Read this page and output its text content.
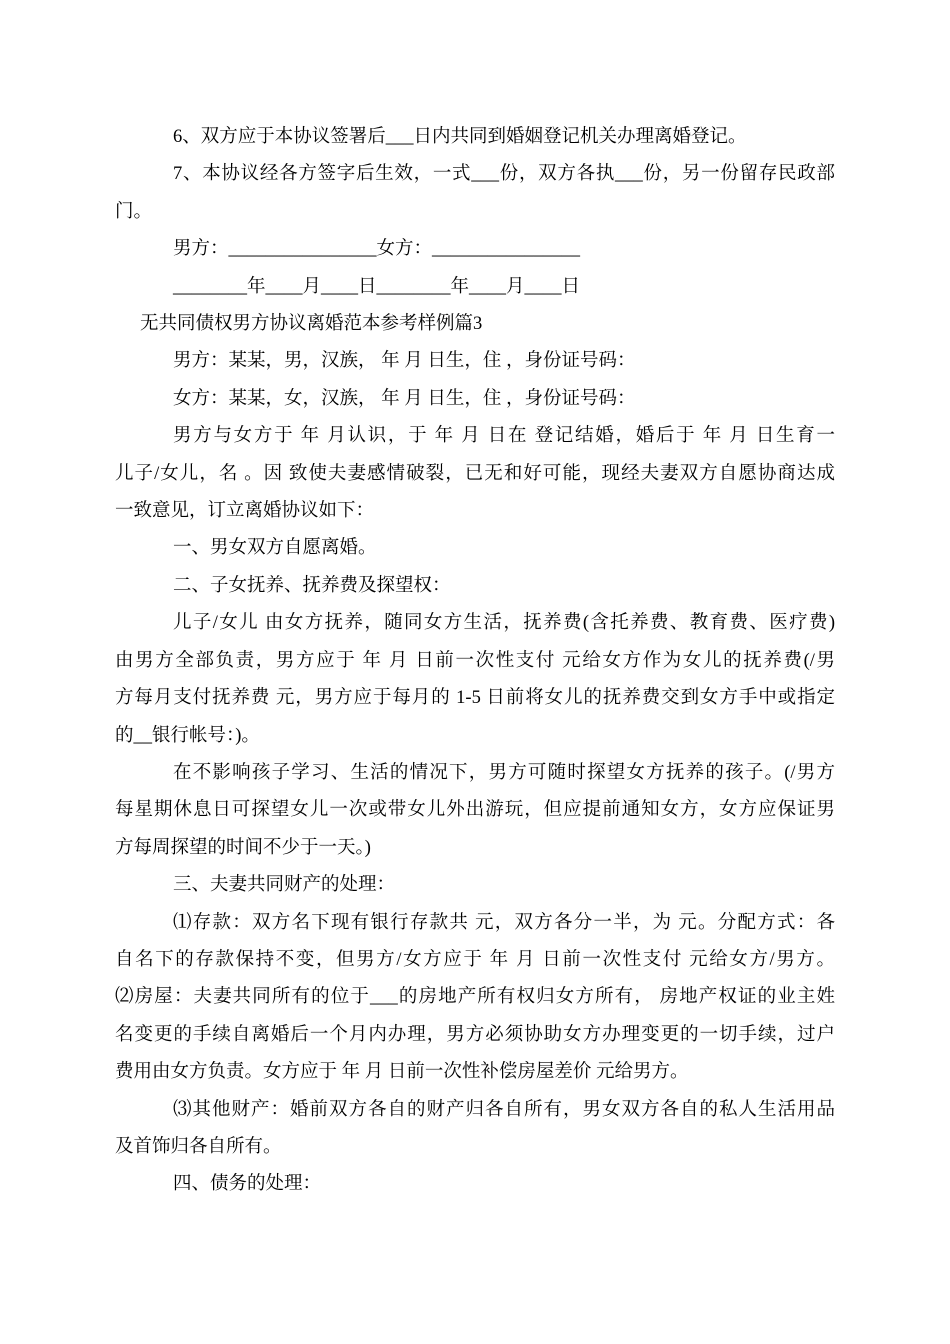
6、双方应于本协议签署后___日内共同到婚姻登记机关办理离婚登记。
7、本协议经各方签字后生效，一式___份，双方各执___份，另一份留存民政部
门。
男方：________________女方：________________
________年____月____日________年____月____日
无共同债权男方协议离婚范本参考样例篇3
男方：某某，男，汉族， 年 月 日生，住 ，身份证号码：
女方：某某，女，汉族， 年 月 日生，住 ，身份证号码：
男方与女方于 年 月认识，于 年 月 日在 登记结婚，婚后于 年 月 日生育一
儿子/女儿，名 。因 致使夫妻感情破裂，已无和好可能，现经夫妻双方自愿协商达成
一致意见，订立离婚协议如下：
一、男女双方自愿离婚。
二、子女抚养、抚养费及探望权：
儿子/女儿 由女方抚养，随同女方生活，抚养费(含托养费、教育费、医疗费)
由男方全部负责，男方应于 年 月 日前一次性支付 元给女方作为女儿的抚养费(/男
方每月支付抚养费 元，男方应于每月的 1-5 日前将女儿的抚养费交到女方手中或指定
的__银行帐号：)。
在不影响孩子学习、生活的情况下，男方可随时探望女方抚养的孩子。(/男方
每星期休息日可探望女儿一次或带女儿外出游玩，但应提前通知女方，女方应保证男
方每周探望的时间不少于一天。)
三、夫妻共同财产的处理：
⑴存款：双方名下现有银行存款共 元，双方各分一半，为 元。分配方式：各
自名下的存款保持不变，但男方/女方应于 年 月 日前一次性支付 元给女方/男方。
⑵房屋：夫妻共同所有的位于___的房地产所有权归女方所有， 房地产权证的业主姓
名变更的手续自离婚后一个月内办理，男方必须协助女方办理变更的一切手续，过户
费用由女方负责。女方应于 年 月 日前一次性补偿房屋差价 元给男方。
⑶其他财产：婚前双方各自的财产归各自所有，男女双方各自的私人生活用品
及首饰归各自所有。
四、债务的处理：
